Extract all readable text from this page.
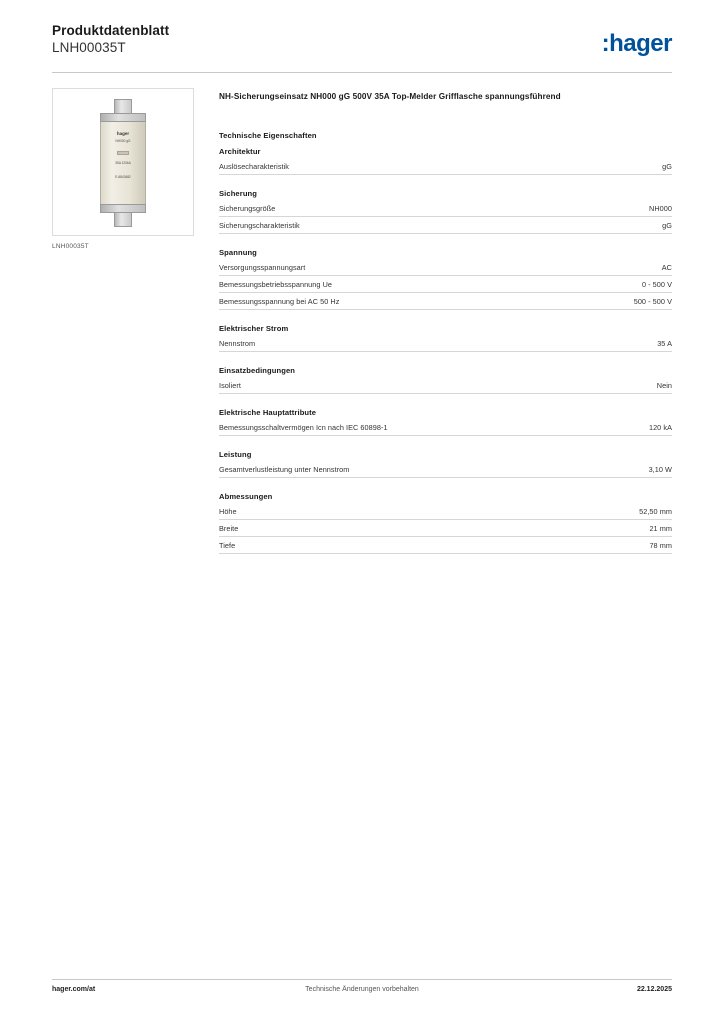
Produktdatenblatt
LNH00035T	:hager
hager
NH000 gG
35A 120kA
E-6843482
LNH00035T
NH-Sicherungseinsatz NH000 gG 500V 35A Top-Melder Grifflasche spannungsführend
Technische Eigenschaften
Architektur
Auslösecharakteristik	gG
Sicherung
Sicherungsgröße	NH000
Sicherungscharakteristik	gG
Spannung
Versorgungsspannungsart	AC
Bemessungsbetriebsspannung Ue	0 - 500 V
Bemessungsspannung bei AC 50 Hz	500 - 500 V
Elektrischer Strom
Nennstrom	35 A
Einsatzbedingungen
Isoliert	Nein
Elektrische Hauptattribute
Bemessungsschaltvermögen Icn nach IEC 60898-1	120 kA
Leistung
Gesamtverlustleistung unter Nennstrom	3,10 W
Abmessungen
Höhe	52,50 mm
Breite	21 mm
Tiefe	78 mm
hager.com/at	Technische Änderungen vorbehalten	22.12.2025
